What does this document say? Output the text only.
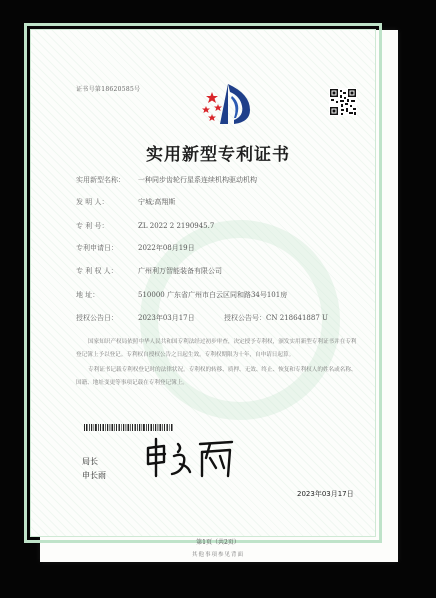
证书号第18620585号
实用新型专利证书
实用新型名称： 一种同步齿轮行星系连续机构驱动机构
发 明 人：	宁城;高翔斯
专 利 号：	ZL 2022 2 2190945.7
专利申请日：	2022年08月19日
专 利 权 人：	广州利万智能装备有限公司
地 址：	510000 广东省广州市白云区同和路34号101房
授权公告日：	2023年03月17日	授权公告号：CN 218641887 U
国家知识产权局依照中华人民共和国专利法经过初步审查，决定授予专利权，颁发实用新型专利证书并在专利登记簿上予以登记。专利权自授权公告之日起生效。专利权期限为十年，自申请日起算。
专利证书记载专利权登记时的法律状况。专利权的转移、质押、无效、终止、恢复和专利权人的姓名或名称、国籍、地址变更等事项记载在专利登记簿上。
局长
申长雨
2023年03月17日
第1页（共2页）
其他事项参见背面
